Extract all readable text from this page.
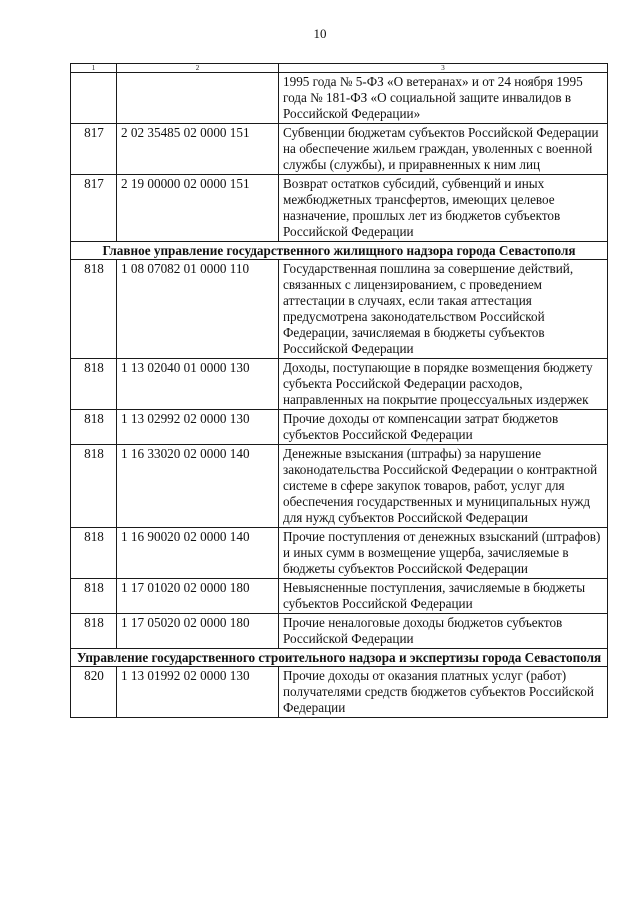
10
1	2	3
		1995 года № 5-ФЗ «О ветеранах» и от 24 ноября 1995 года № 181-ФЗ «О социальной защите инвалидов в Российской Федерации»
817	2 02 35485 02 0000 151	Субвенции бюджетам субъектов Российской Федерации на обеспечение жильем граждан, уволенных с военной службы (службы), и приравненных к ним лиц
817	2 19 00000 02 0000 151	Возврат остатков субсидий, субвенций и иных межбюджетных трансфертов, имеющих целевое назначение, прошлых лет из бюджетов субъектов Российской Федерации
Главное управление государственного жилищного надзора города Севастополя		
818	1 08 07082 01 0000 110	Государственная пошлина за совершение действий, связанных с лицензированием, с проведением аттестации в случаях, если такая аттестация предусмотрена законодательством Российской Федерации, зачисляемая в бюджеты субъектов Российской Федерации
818	1 13 02040 01 0000 130	Доходы, поступающие в порядке возмещения бюджету субъекта Российской Федерации расходов, направленных на покрытие процессуальных издержек
818	1 13 02992 02 0000 130	Прочие доходы от компенсации затрат бюджетов субъектов Российской Федерации
818	1 16 33020 02 0000 140	Денежные взыскания (штрафы) за нарушение законодательства Российской Федерации о контрактной системе в сфере закупок товаров, работ, услуг для обеспечения государственных и муниципальных нужд для нужд субъектов Российской Федерации
818	1 16 90020 02 0000 140	Прочие поступления от денежных взысканий (штрафов) и иных сумм в возмещение ущерба, зачисляемые в бюджеты субъектов Российской Федерации
818	1 17 01020 02 0000 180	Невыясненные поступления, зачисляемые в бюджеты субъектов Российской Федерации
818	1 17 05020 02 0000 180	Прочие неналоговые доходы бюджетов субъектов Российской Федерации
Управление государственного строительного надзора и экспертизы города Севастополя		
820	1 13 01992 02 0000 130	Прочие доходы от оказания платных услуг (работ) получателями средств бюджетов субъектов Российской Федерации
